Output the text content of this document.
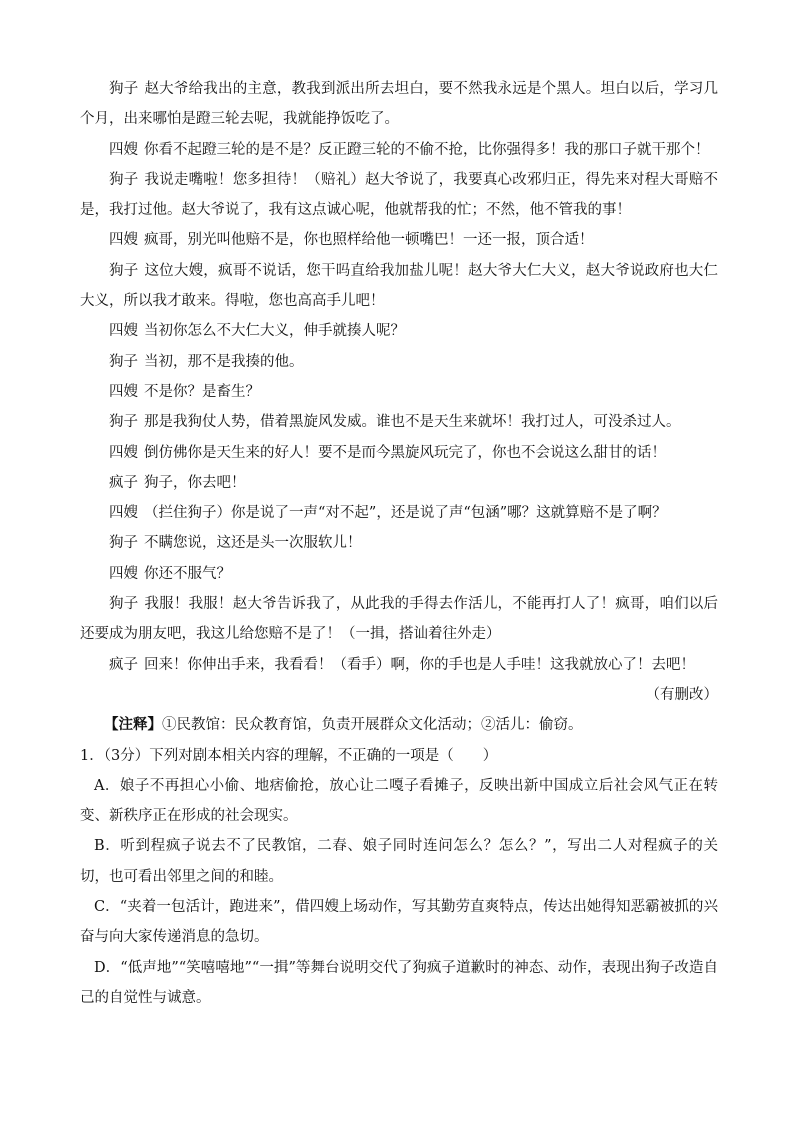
狗子 赵大爷给我出的主意，教我到派出所去坦白，要不然我永远是个黑人。坦白以后，学习几个月，出来哪怕是蹬三轮去呢，我就能挣饭吃了。

四嫂 你看不起蹬三轮的是不是？反正蹬三轮的不偷不抢，比你强得多！我的那口子就干那个！

狗子 我说走嘴啦！您多担待！（赔礼）赵大爷说了，我要真心改邪归正，得先来对程大哥赔不是，我打过他。赵大爷说了，我有这点诚心呢，他就帮我的忙；不然，他不管我的事！

四嫂 疯哥，别光叫他赔不是，你也照样给他一顿嘴巴！一还一报，顶合适！

狗子 这位大嫂，疯哥不说话，您干吗直给我加盐儿呢！赵大爷大仁大义，赵大爷说政府也大仁大义，所以我才敢来。得啦，您也高高手儿吧！

四嫂 当初你怎么不大仁大义，伸手就揍人呢？

狗子 当初，那不是我揍的他。

四嫂 不是你？是畜生？

狗子 那是我狗仗人势，借着黑旋风发威。谁也不是天生来就坏！我打过人，可没杀过人。

四嫂 倒仿佛你是天生来的好人！要不是而今黑旋风玩完了，你也不会说这么甜甘的话！

疯子 狗子，你去吧！

四嫂 （拦住狗子）你是说了一声“对不起”，还是说了声“包涵”哪？这就算赔不是了啊？

狗子 不瞒您说，这还是头一次服软儿！

四嫂 你还不服气？

狗子 我服！我服！赵大爷告诉我了，从此我的手得去作活儿，不能再打人了！疯哥，咱们以后还要成为朋友吧，我这儿给您赔不是了！（一揖，搭讪着往外走）

疯子 回来！你伸出手来，我看看！（看手）啊，你的手也是人手哇！这我就放心了！去吧！

（有删改）

【注释】①民教馆：民众教育馆，负责开展群众文化活动；②活儿：偷窃。

1．（3分）下列对剧本相关内容的理解，不正确的一项是（　　）

A．娘子不再担心小偷、地痞偷抢，放心让二嘎子看摊子，反映出新中国成立后社会风气正在转变、新秩序正在形成的社会现实。

B．听到程疯子说去不了民教馆，二春、娘子同时连问怎么？怎么？”，写出二人对程疯子的关切，也可看出邻里之间的和睦。

C．“夹着一包活计，跑进来”，借四嫂上场动作，写其勤劳直爽特点，传达出她得知恶霸被抓的兴奋与向大家传递消息的急切。

D．“低声地”“笑嘻嘻地”“一揖”等舞台说明交代了狗疯子道歉时的神态、动作，表现出狗子改造自己的自觉性与诚意。
